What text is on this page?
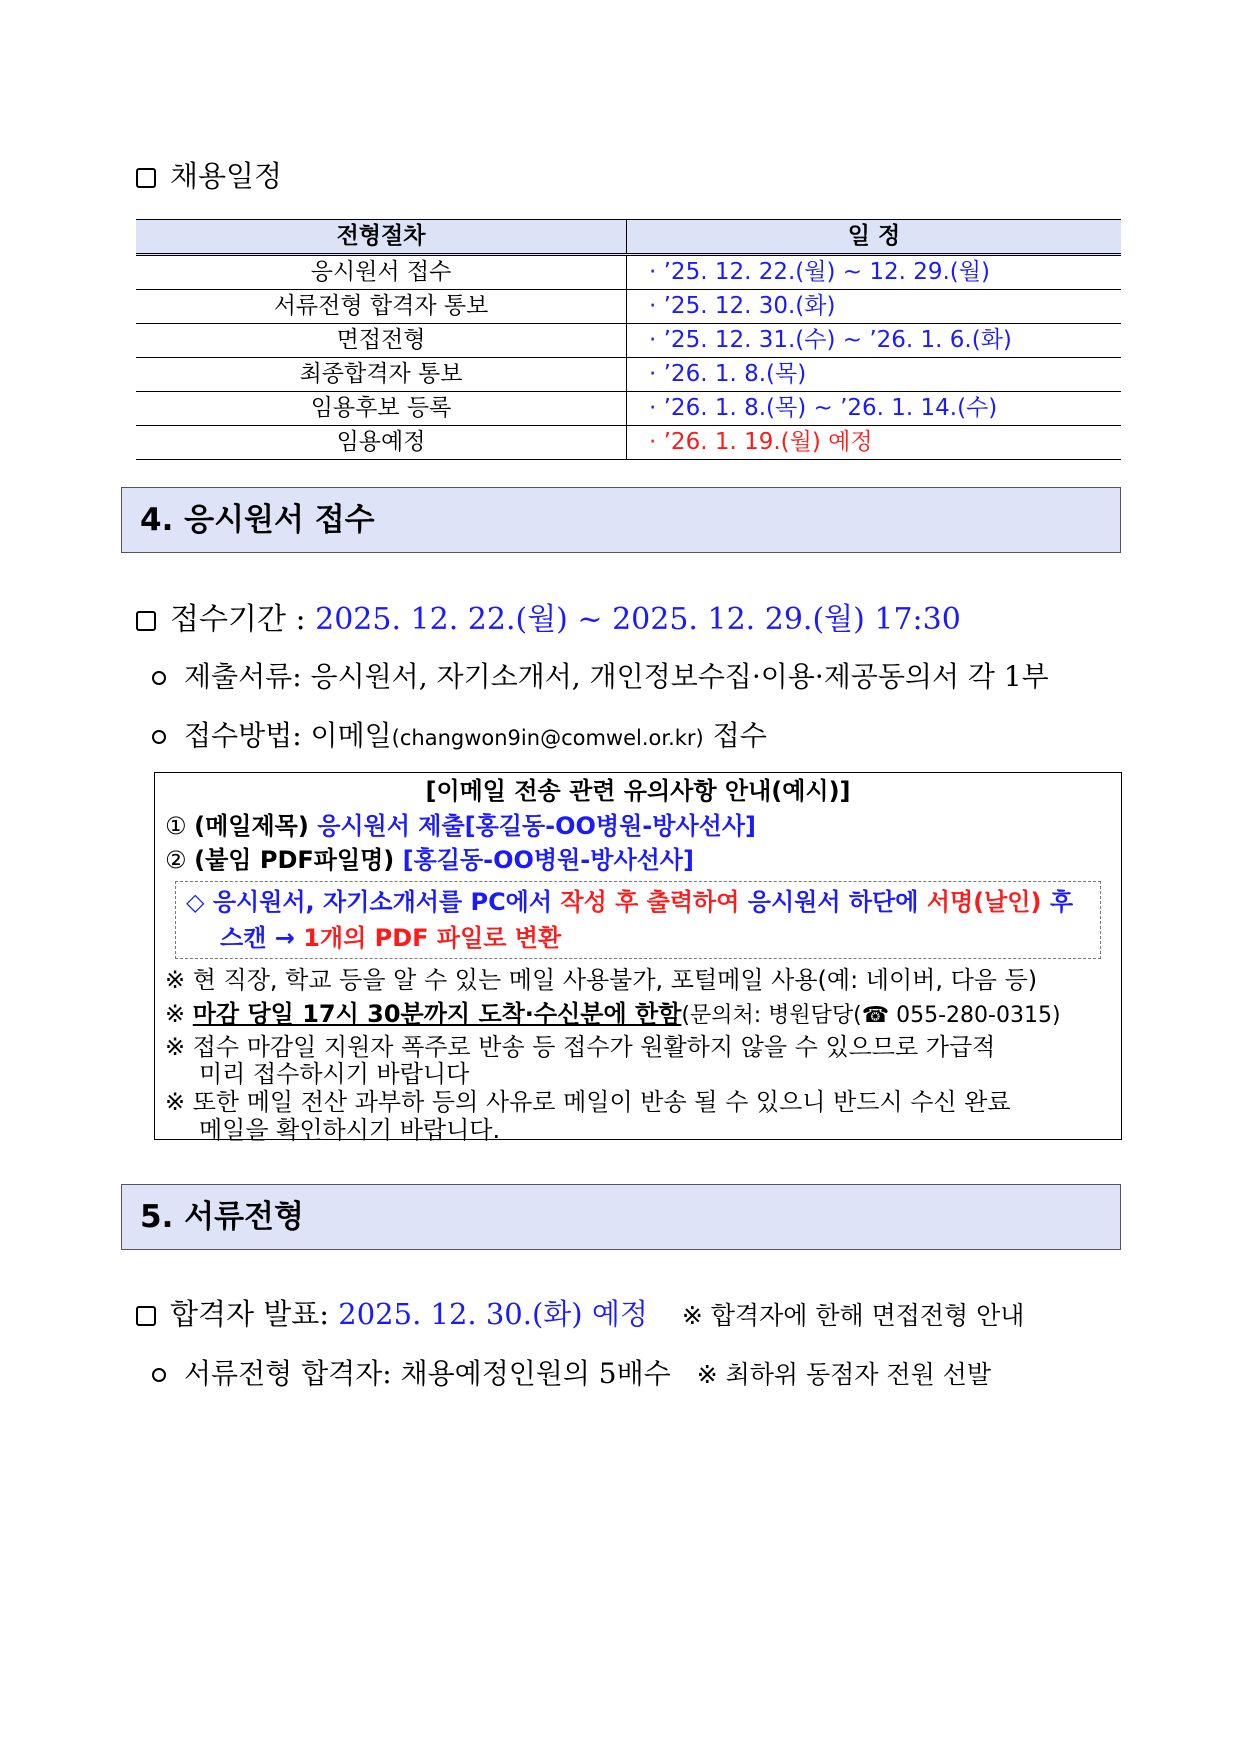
채용일정
전형절차	일 정
응시원서 접수	· ’25. 12. 22.(월) ~ 12. 29.(월)
서류전형 합격자 통보	· ’25. 12. 30.(화)
면접전형	· ’25. 12. 31.(수) ~ ’26. 1. 6.(화)
최종합격자 통보	· ’26. 1. 8.(목)
임용후보 등록	· ’26. 1. 8.(목) ~ ’26. 1. 14.(수)
임용예정	· ’26. 1. 19.(월) 예정
4. 응시원서 접수
접수기간 : 2025. 12. 22.(월) ~ 2025. 12. 29.(월) 17:30
제출서류: 응시원서, 자기소개서, 개인정보수집·이용·제공동의서 각 1부
접수방법: 이메일(changwon9in@comwel.or.kr) 접수
[이메일 전송 관련 유의사항 안내(예시)]
① (메일제목) 응시원서 제출[홍길동-OO병원-방사선사]
② (붙임 PDF파일명) [홍길동-OO병원-방사선사]
◇ 응시원서, 자기소개서를 PC에서 작성 후 출력하여 응시원서 하단에 서명(날인) 후
스캔 → 1개의 PDF 파일로 변환
※ 현 직장, 학교 등을 알 수 있는 메일 사용불가, 포털메일 사용(예: 네이버, 다음 등)
※ 마감 당일 17시 30분까지 도착·수신분에 한함(문의처: 병원담당(☎ 055-280-0315)
※ 접수 마감일 지원자 폭주로 반송 등 접수가 원활하지 않을 수 있으므로 가급적
미리 접수하시기 바랍니다
※ 또한 메일 전산 과부하 등의 사유로 메일이 반송 될 수 있으니 반드시 수신 완료
메일을 확인하시기 바랍니다.
5. 서류전형
합격자 발표: 2025. 12. 30.(화) 예정 ※ 합격자에 한해 면접전형 안내
서류전형 합격자: 채용예정인원의 5배수 ※ 최하위 동점자 전원 선발
